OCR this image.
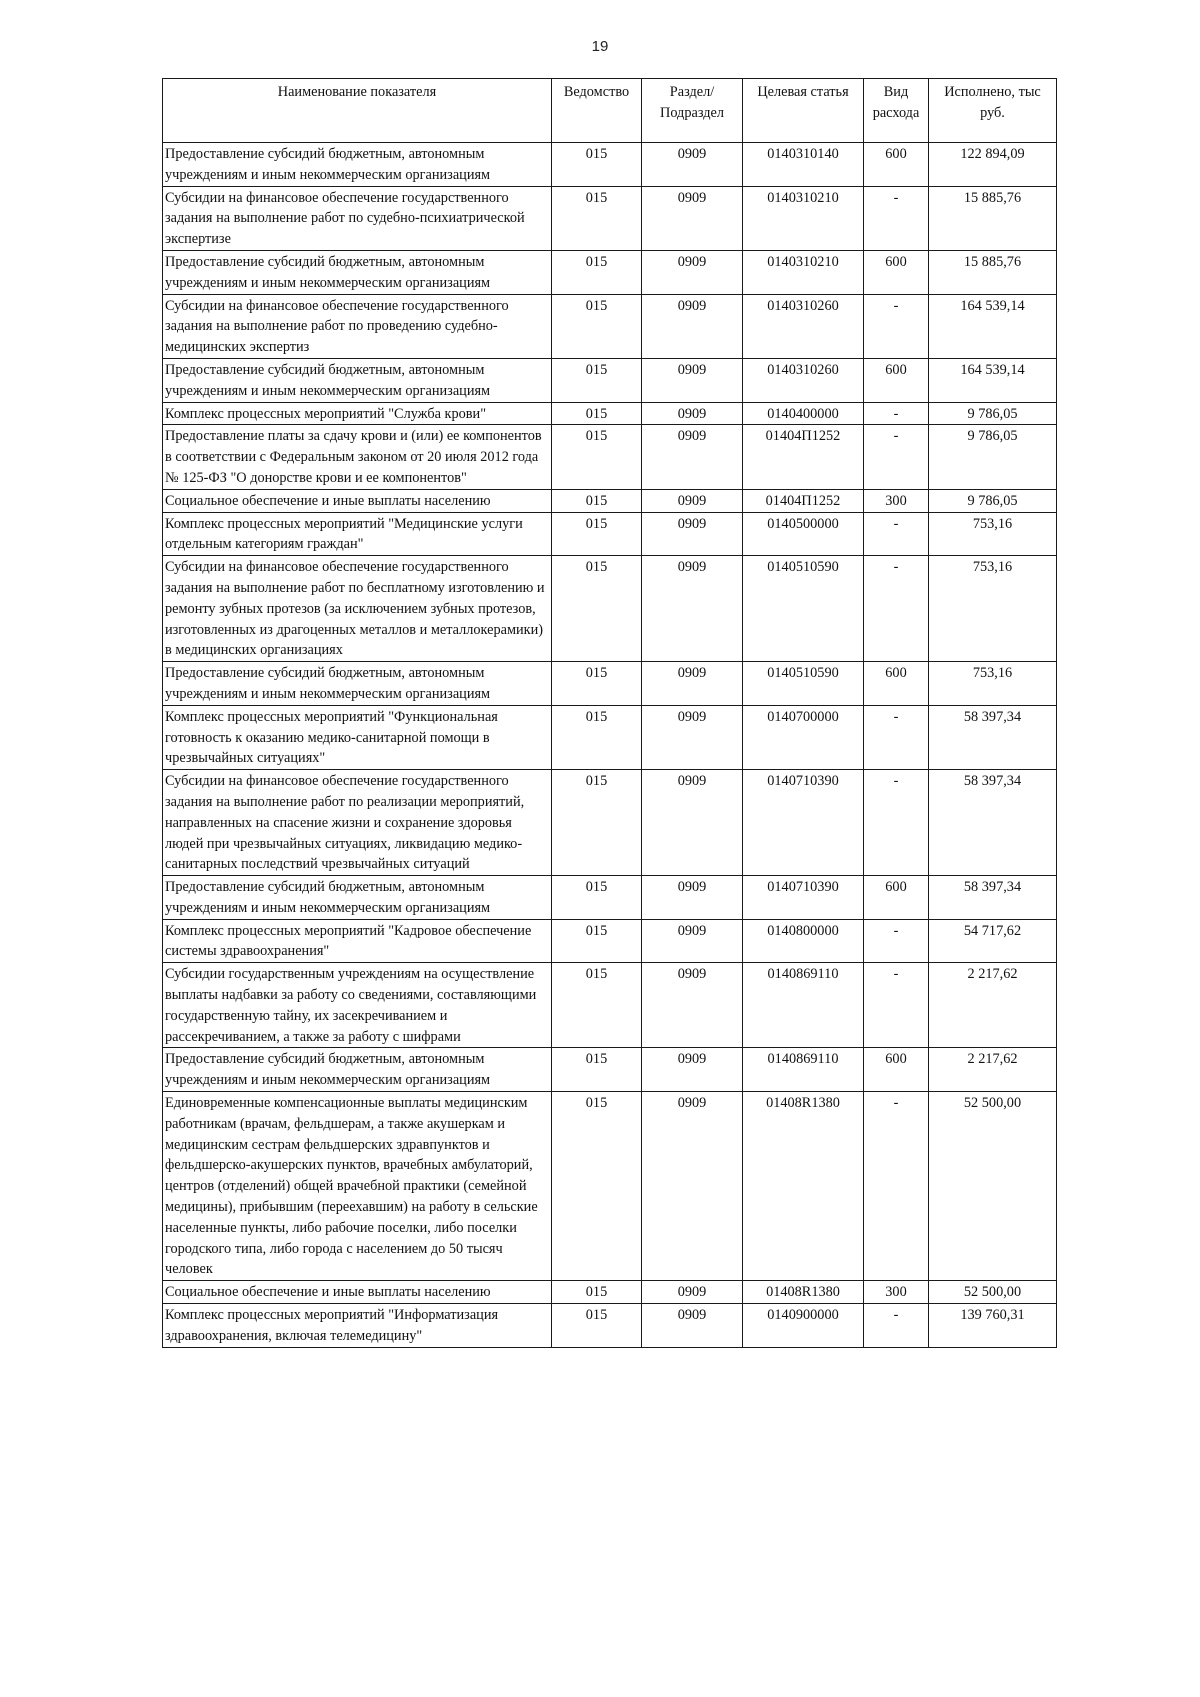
19
Наименование показателя	Ведомство	Раздел/ Подраздел	Целевая статья	Вид расхода	Исполнено, тыс руб.
Предоставление субсидий бюджетным, автономным учреждениям и иным некоммерческим организациям	015	0909	0140310140	600	122 894,09
Субсидии на финансовое обеспечение государственного задания на выполнение работ по судебно-психиатрической экспертизе	015	0909	0140310210	-	15 885,76
Предоставление субсидий бюджетным, автономным учреждениям и иным некоммерческим организациям	015	0909	0140310210	600	15 885,76
Субсидии на финансовое обеспечение государственного задания на выполнение работ по проведению судебно-медицинских экспертиз	015	0909	0140310260	-	164 539,14
Предоставление субсидий бюджетным, автономным учреждениям и иным некоммерческим организациям	015	0909	0140310260	600	164 539,14
Комплекс процессных мероприятий "Служба крови"	015	0909	0140400000	-	9 786,05
Предоставление платы за сдачу крови и (или) ее компонентов в соответствии с Федеральным законом от 20 июля 2012 года № 125-ФЗ "О донорстве крови и ее компонентов"	015	0909	01404П1252	-	9 786,05
Социальное обеспечение и иные выплаты населению	015	0909	01404П1252	300	9 786,05
Комплекс процессных мероприятий "Медицинские услуги отдельным категориям граждан"	015	0909	0140500000	-	753,16
Субсидии на финансовое обеспечение государственного задания на выполнение работ по бесплатному изготовлению и ремонту зубных протезов (за исключением зубных протезов, изготовленных из драгоценных металлов и металлокерамики) в медицинских организациях	015	0909	0140510590	-	753,16
Предоставление субсидий бюджетным, автономным учреждениям и иным некоммерческим организациям	015	0909	0140510590	600	753,16
Комплекс процессных мероприятий "Функциональная готовность к оказанию медико-санитарной помощи в чрезвычайных ситуациях"	015	0909	0140700000	-	58 397,34
Субсидии на финансовое обеспечение государственного задания на выполнение работ по реализации мероприятий, направленных на спасение жизни и сохранение здоровья людей при чрезвычайных ситуациях, ликвидацию медико-санитарных последствий чрезвычайных ситуаций	015	0909	0140710390	-	58 397,34
Предоставление субсидий бюджетным, автономным учреждениям и иным некоммерческим организациям	015	0909	0140710390	600	58 397,34
Комплекс процессных мероприятий "Кадровое обеспечение системы здравоохранения"	015	0909	0140800000	-	54 717,62
Субсидии государственным учреждениям на осуществление выплаты надбавки за работу со сведениями, составляющими государственную тайну, их засекречиванием и рассекречиванием, а также за работу с шифрами	015	0909	0140869110	-	2 217,62
Предоставление субсидий бюджетным, автономным учреждениям и иным некоммерческим организациям	015	0909	0140869110	600	2 217,62
Единовременные компенсационные выплаты медицинским работникам (врачам, фельдшерам, а также акушеркам и медицинским сестрам фельдшерских здравпунктов и фельдшерско-акушерских пунктов, врачебных амбулаторий, центров (отделений) общей врачебной практики (семейной медицины), прибывшим (переехавшим) на работу в сельские населенные пункты, либо рабочие поселки, либо поселки городского типа, либо города с населением до 50 тысяч человек	015	0909	01408R1380	-	52 500,00
Социальное обеспечение и иные выплаты населению	015	0909	01408R1380	300	52 500,00
Комплекс процессных мероприятий "Информатизация здравоохранения, включая телемедицину"	015	0909	0140900000	-	139 760,31
